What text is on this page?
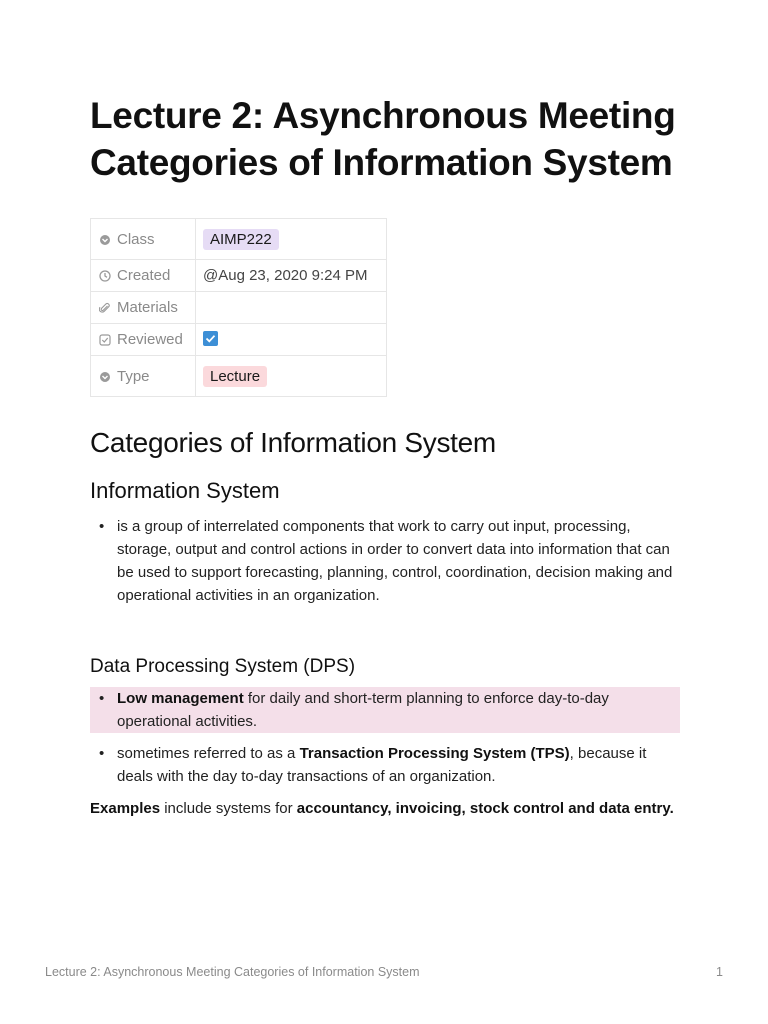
Lecture 2: Asynchronous Meeting Categories of Information System
Class	AIMP222
Created	@Aug 23, 2020 9:24 PM
Materials	
Reviewed	

Type	Lecture
Categories of Information System
Information System
• is a group of interrelated components that work to carry out input, processing, storage, output and control actions in order to convert data into information that can be used to support forecasting, planning, control, coordination, decision making and operational activities in an organization.
Data Processing System (DPS)
• Low management for daily and short-term planning to enforce day-to-day operational activities.
• sometimes referred to as a Transaction Processing System (TPS), because it deals with the day to-day transactions of an organization.

Examples include systems for accountancy, invoicing, stock control and data entry.

Lecture 2: Asynchronous Meeting Categories of Information System	1
